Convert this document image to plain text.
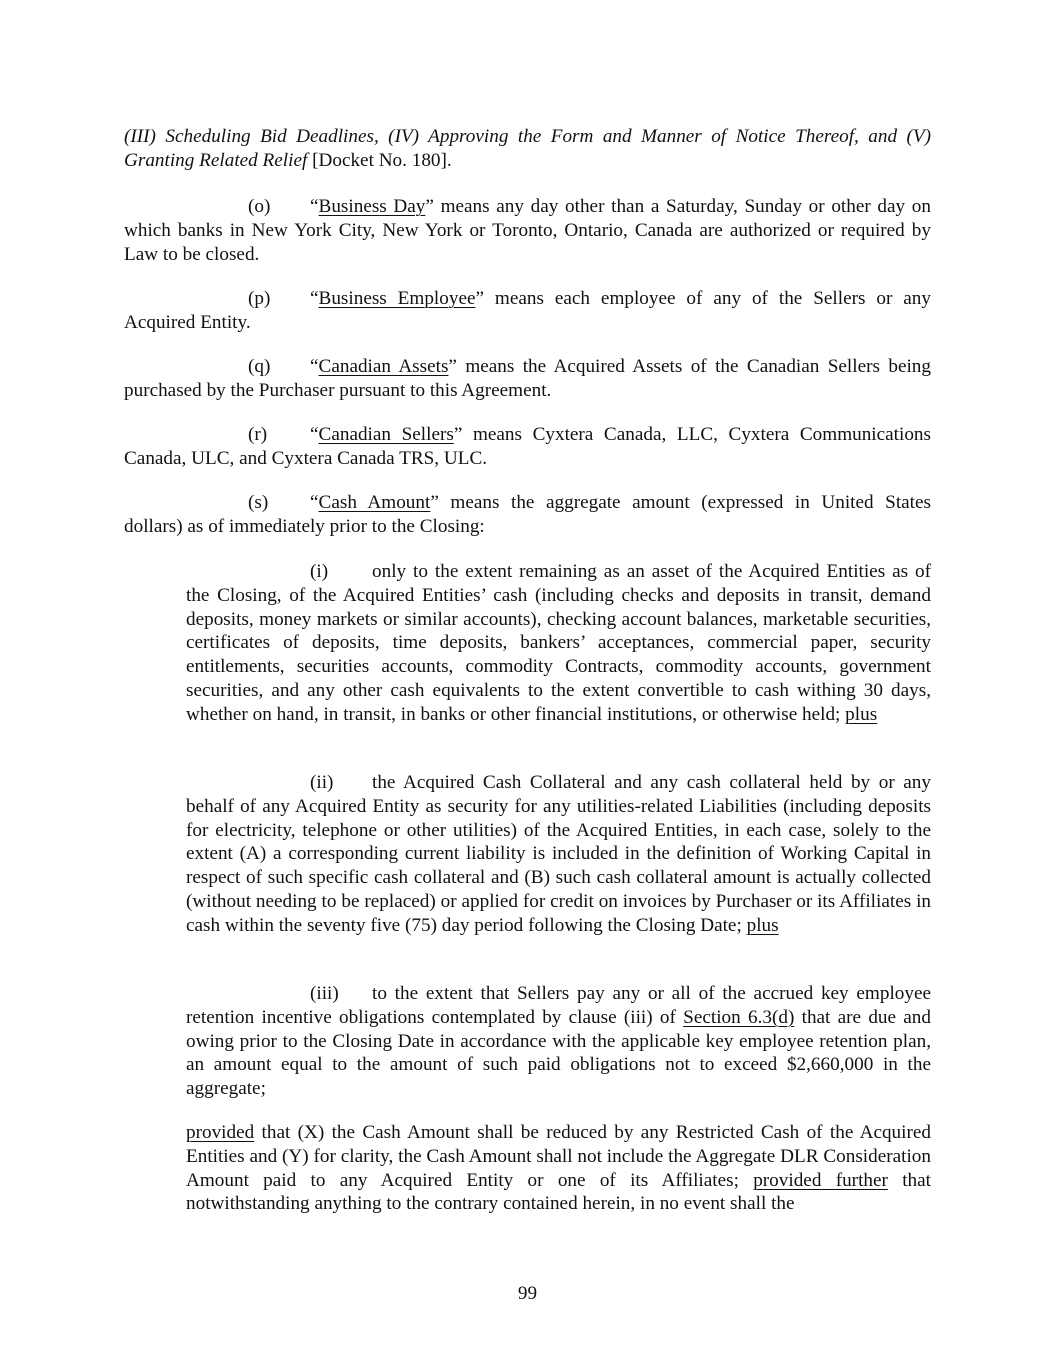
(III) Scheduling Bid Deadlines, (IV) Approving the Form and Manner of Notice Thereof, and (V) Granting Related Relief [Docket No. 180].

(o) “Business Day” means any day other than a Saturday, Sunday or other day on which banks in New York City, New York or Toronto, Ontario, Canada are authorized or required by Law to be closed.

(p) “Business Employee” means each employee of any of the Sellers or any Acquired Entity.

(q) “Canadian Assets” means the Acquired Assets of the Canadian Sellers being purchased by the Purchaser pursuant to this Agreement.

(r) “Canadian Sellers” means Cyxtera Canada, LLC, Cyxtera Communications Canada, ULC, and Cyxtera Canada TRS, ULC.

(s) “Cash Amount” means the aggregate amount (expressed in United States dollars) as of immediately prior to the Closing:

(i) only to the extent remaining as an asset of the Acquired Entities as of the Closing, of the Acquired Entities’ cash (including checks and deposits in transit, demand deposits, money markets or similar accounts), checking account balances, marketable securities, certificates of deposits, time deposits, bankers’ acceptances, commercial paper, security entitlements, securities accounts, commodity Contracts, commodity accounts, government securities, and any other cash equivalents to the extent convertible to cash withing 30 days, whether on hand, in transit, in banks or other financial institutions, or otherwise held; plus

(ii) the Acquired Cash Collateral and any cash collateral held by or any behalf of any Acquired Entity as security for any utilities-related Liabilities (including deposits for electricity, telephone or other utilities) of the Acquired Entities, in each case, solely to the extent (A) a corresponding current liability is included in the definition of Working Capital in respect of such specific cash collateral and (B) such cash collateral amount is actually collected (without needing to be replaced) or applied for credit on invoices by Purchaser or its Affiliates in cash within the seventy five (75) day period following the Closing Date; plus

(iii) to the extent that Sellers pay any or all of the accrued key employee retention incentive obligations contemplated by clause (iii) of Section 6.3(d) that are due and owing prior to the Closing Date in accordance with the applicable key employee retention plan, an amount equal to the amount of such paid obligations not to exceed $2,660,000 in the aggregate;

provided that (X) the Cash Amount shall be reduced by any Restricted Cash of the Acquired Entities and (Y) for clarity, the Cash Amount shall not include the Aggregate DLR Consideration Amount paid to any Acquired Entity or one of its Affiliates; provided further that notwithstanding anything to the contrary contained herein, in no event shall the

99
